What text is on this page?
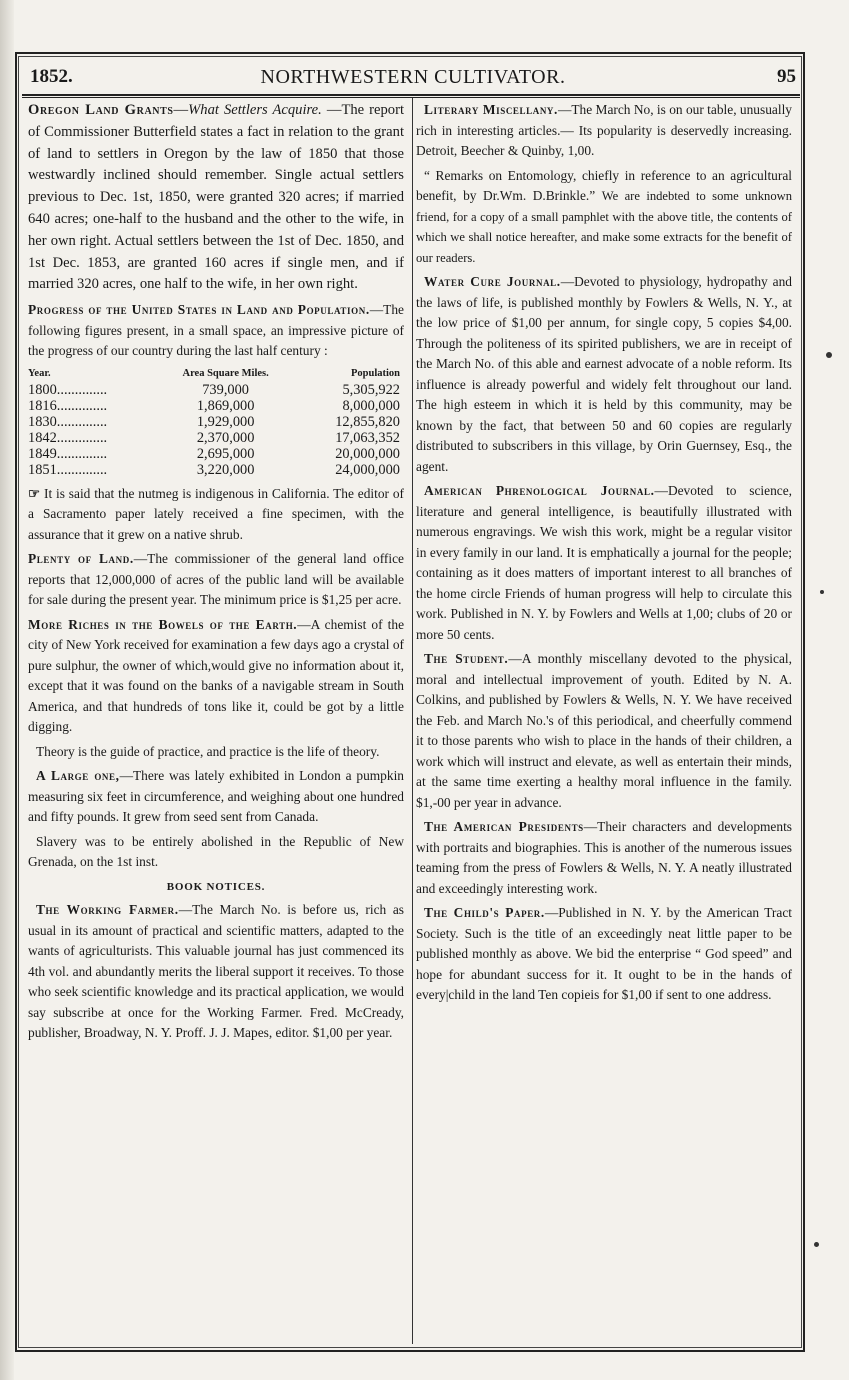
NORTHWESTERN CULTIVATOR.
1852.	95

Oregon Land Grants—What Settlers Acquire. —The report of Commissioner Butterfield states a fact in relation to the grant of land to settlers in Oregon by the law of 1850 that those westwardly inclined should remember. Single actual settlers previous to Dec. 1st, 1850, were granted 320 acres; if married 640 acres; one-half to the husband and the other to the wife, in her own right. Actual settlers between the 1st of Dec. 1850, and 1st Dec. 1853, are granted 160 acres if single men, and if married 320 acres, one half to the wife, in her own right.

Progress of the United States in Land and Population.—The following figures present, in a small space, an impressive picture of the progress of our country during the last half century :

Year.	Area Square Miles.	Population
1800..............	739,000	5,305,922
1816..............	1,869,000	8,000,000
1830..............	1,929,000	12,855,820
1842..............	2,370,000	17,063,352
1849..............	2,695,000	20,000,000
1851..............	3,220,000	24,000,000

☞ It is said that the nutmeg is indigenous in California. The editor of a Sacramento paper lately received a fine specimen, with the assurance that it grew on a native shrub.

Plenty of Land.—The commissioner of the general land office reports that 12,000,000 of acres of the public land will be available for sale during the present year. The minimum price is $1,25 per acre.

More Riches in the Bowels of the Earth.—A chemist of the city of New York received for examination a few days ago a crystal of pure sulphur, the owner of which,would give no information about it, except that it was found on the banks of a navigable stream in South America, and that hundreds of tons like it, could be got by a little digging.

Theory is the guide of practice, and practice is the life of theory.

A Large one,—There was lately exhibited in London a pumpkin measuring six feet in circumference, and weighing about one hundred and fifty pounds. It grew from seed sent from Canada.

Slavery was to be entirely abolished in the Republic of New Grenada, on the 1st inst.

BOOK NOTICES.

The Working Farmer.—The March No. is before us, rich as usual in its amount of practical and scientific matters, adapted to the wants of agriculturists. This valuable journal has just commenced its 4th vol. and abundantly merits the liberal support it receives. To those who seek scientific knowledge and its practical application, we would say subscribe at once for the Working Farmer. Fred. McCready, publisher, Broadway, N. Y. Proff. J. J. Mapes, editor. $1,00 per year.

Literary Miscellany.—The March No, is on our table, unusually rich in interesting articles.— Its popularity is deservedly increasing. Detroit, Beecher & Quinby, 1,00.

“ Remarks on Entomology, chiefly in reference to an agricultural benefit, by Dr.Wm. D.Brinkle.” We are indebted to some unknown friend, for a copy of a small pamphlet with the above title, the contents of which we shall notice hereafter, and make some extracts for the benefit of our readers.

Water Cure Journal.—Devoted to physiology, hydropathy and the laws of life, is published monthly by Fowlers & Wells, N. Y., at the low price of $1,00 per annum, for single copy, 5 copies $4,00. Through the politeness of its spirited publishers, we are in receipt of the March No. of this able and earnest advocate of a noble reform. Its influence is already powerful and widely felt throughout our land. The high esteem in which it is held by this community, may be known by the fact, that between 50 and 60 copies are regularly distributed to subscribers in this village, by Orin Guernsey, Esq., the agent.

American Phrenological Journal.—Devoted to science, literature and general intelligence, is beautifully illustrated with numerous engravings. We wish this work, might be a regular visitor in every family in our land. It is emphatically a journal for the people; containing as it does matters of important interest to all branches of the home circle Friends of human progress will help to circulate this work. Published in N. Y. by Fowlers and Wells at 1,00; clubs of 20 or more 50 cents.

The Student.—A monthly miscellany devoted to the physical, moral and intellectual improvement of youth. Edited by N. A. Colkins, and published by Fowlers & Wells, N. Y. We have received the Feb. and March No.'s of this periodical, and cheerfully commend it to those parents who wish to place in the hands of their children, a work which will instruct and elevate, as well as entertain their minds, at the same time exerting a healthy moral influence in the family. $1,-00 per year in advance.

The American Presidents—Their characters and developments with portraits and biographies. This is another of the numerous issues teaming from the press of Fowlers & Wells, N. Y. A neatly illustrated and exceedingly interesting work.

The Child's Paper.—Published in N. Y. by the American Tract Society. Such is the title of an exceedingly neat little paper to be published monthly as above. We bid the enterprise “ God speed” and hope for abundant success for it. It ought to be in the hands of every|child in the land Ten copieis for $1,00 if sent to one address.
